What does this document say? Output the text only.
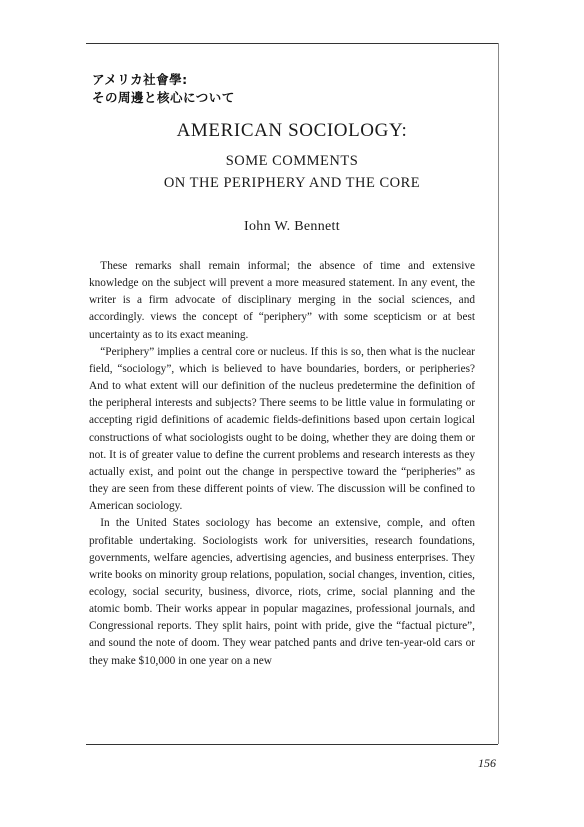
アメリカ社會學:
その周邊と核心について
AMERICAN SOCIOLOGY:
SOME COMMENTS
ON THE PERIPHERY AND THE CORE
Iohn W. Bennett

These remarks shall remain informal; the absence of time and extensive knowledge on the subject will prevent a more measured statement. In any event, the writer is a firm advocate of disciplinary merging in the social sciences, and accordingly. views the concept of “periphery” with some scepticism or at best uncertainty as to its exact meaning.

“Periphery” implies a central core or nucleus. If this is so, then what is the nuclear field, “sociology”, which is believed to have boundaries, borders, or peripheries? And to what extent will our definition of the nucleus predetermine the definition of the peripheral interests and subjects? There seems to be little value in formulating or accepting rigid definitions of academic fields-definitions based upon certain logical constructions of what sociologists ought to be doing, whether they are doing them or not. It is of greater value to define the current problems and research interests as they actually exist, and point out the change in perspective toward the “peripheries” as they are seen from these different points of view. The discussion will be confined to American sociology.

In the United States sociology has become an extensive, comple, and often profitable undertaking. Sociologists work for universities, research foundations, governments, welfare agencies, advertising agencies, and business enterprises. They write books on minority group relations, population, social changes, invention, cities, ecology, social security, business, divorce, riots, crime, social planning and the atomic bomb. Their works appear in popular magazines, professional journals, and Congressional reports. They split hairs, point with pride, give the “factual picture”, and sound the note of doom. They wear patched pants and drive ten-year-old cars or they make $10,000 in one year on a new

156
